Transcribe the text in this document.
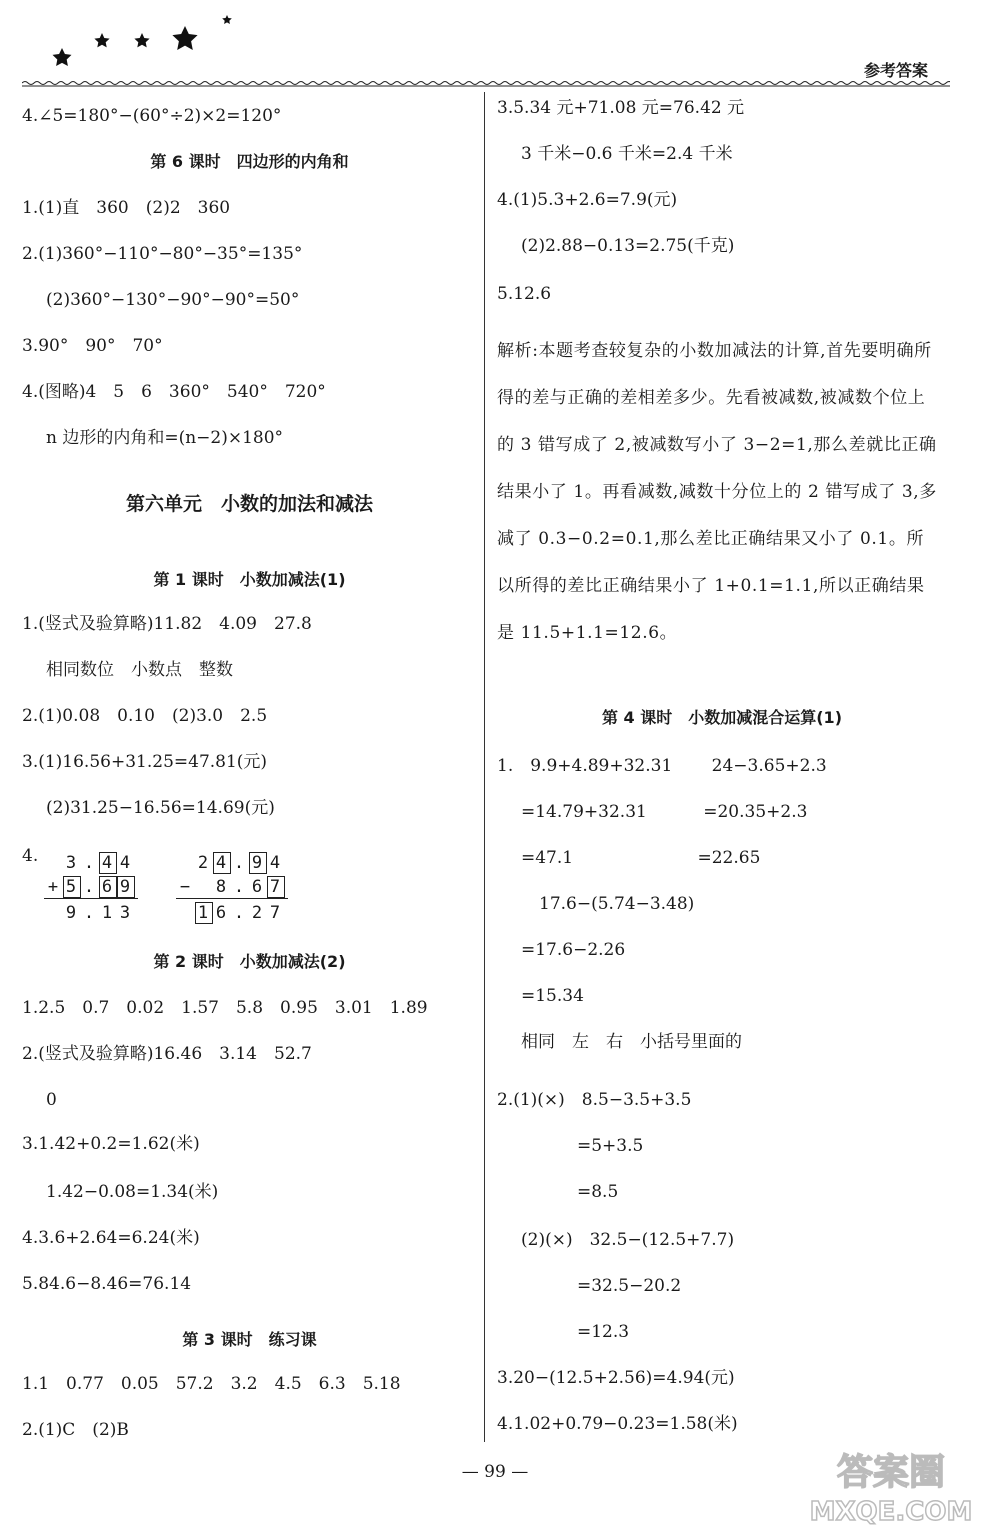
参考答案
4.∠5=180°−(60°÷2)×2=120°
第 6 课时　四边形的内角和
1.(1)直　360　(2)2　360
2.(1)360°−110°−80°−35°=135°
(2)360°−130°−90°−90°=50°
3.90°　90°　70°
4.(图略)4　5　6　360°　540°　720°
n 边形的内角和=(n−2)×180°
第六单元　小数的加法和减法
第 1 课时　小数加减法(1)
1.(竖式及验算略)11.82　4.09　27.8
相同数位　小数点　整数
2.(1)0.08　0.10　(2)3.0　2.5
3.(1)16.56+31.25=47.81(元)
(2)31.25−16.56=14.69(元)
4.
第 2 课时　小数加减法(2)
1.2.5　0.7　0.02　1.57　5.8　0.95　3.01　1.89
2.(竖式及验算略)16.46　3.14　52.7
0
3.1.42+0.2=1.62(米)
1.42−0.08=1.34(米)
4.3.6+2.64=6.24(米)
5.84.6−8.46=76.14
第 3 课时　练习课
1.1　0.77　0.05　57.2　3.2　4.5　6.3　5.18
2.(1)C　(2)B
3.5.34 元+71.08 元=76.42 元
3 千米−0.6 千米=2.4 千米
4.(1)5.3+2.6=7.9(元)
(2)2.88−0.13=2.75(千克)
5.12.6
解析:本题考查较复杂的小数加减法的计算,首先要明确所得的差与正确的差相差多少。先看被减数,被减数个位上的 3 错写成了 2,被减数写小了 3−2=1,那么差就比正确结果小了 1。再看减数,减数十分位上的 2 错写成了 3,多减了 0.3−0.2=0.1,那么差比正确结果又小了 0.1。所以所得的差比正确结果小了 1+0.1=1.1,所以正确结果是 11.5+1.1=12.6。
第 4 课时　小数加减混合运算(1)
1.　9.9+4.89+32.31　　 24−3.65+2.3
=14.79+32.31　　　 =20.35+2.3
=47.1　　　　　　　 =22.65
17.6−(5.74−3.48)
=17.6−2.26
=15.34
相同　左　右　小括号里面的
2.(1)(×)　8.5−3.5+3.5
=5+3.5
=8.5
(2)(×)　32.5−(12.5+7.7)
=32.5−20.2
=12.3
3.20−(12.5+2.56)=4.94(元)
4.1.02+0.79−0.23=1.58(米)
3 . 4 4
5 . 6 9
+
9 . 1 3
2 4 . 9 4
8 . 6 7
−
1 6 . 2 7
— 99 —	答案圈
MXQE.COM
